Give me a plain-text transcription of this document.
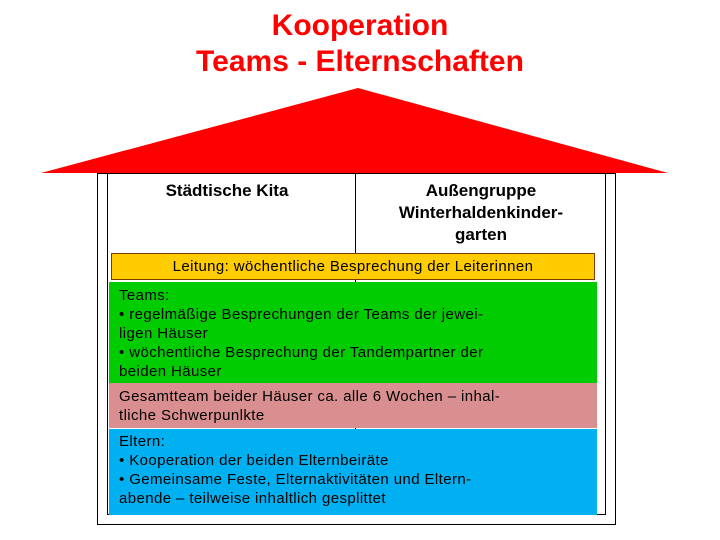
Kooperation
Teams - Elternschaften
Städtische Kita	Außengruppe
Winterhaldenkinder-
garten
Leitung: wöchentliche Besprechung der Leiterinnen
Teams:
• regelmäßige Besprechungen der Teams der jewei-
ligen Häuser
• wöchentliche Besprechung der Tandempartner der
beiden Häuser
Gesamtteam beider Häuser ca. alle 6 Wochen – inhal-
tliche Schwerpunlkte
Eltern:
• Kooperation der beiden Elternbeiräte
• Gemeinsame Feste, Elternaktivitäten und Eltern-
abende – teilweise inhaltlich gesplittet
